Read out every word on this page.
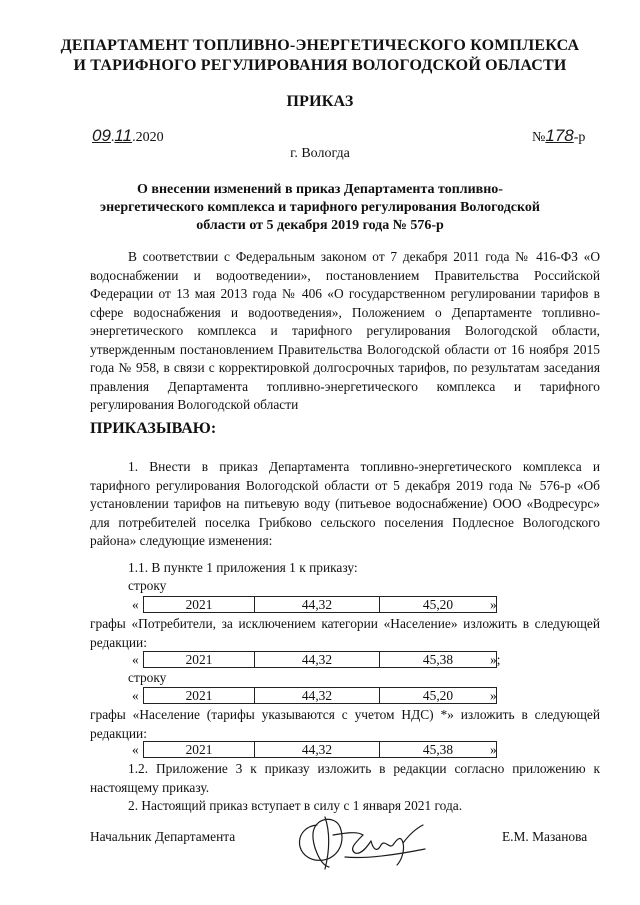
ДЕПАРТАМЕНТ ТОПЛИВНО-ЭНЕРГЕТИЧЕСКОГО КОМПЛЕКСА
И ТАРИФНОГО РЕГУЛИРОВАНИЯ ВОЛОГОДСКОЙ ОБЛАСТИ
ПРИКАЗ
09.11.2020	№178-р
г. Вологда
О внесении изменений в приказ Департамента топливно-
энергетического комплекса и тарифного регулирования Вологодской
области от 5 декабря 2019 года № 576-р
В соответствии с Федеральным законом от 7 декабря 2011 года № 416-ФЗ «О водоснабжении и водоотведении», постановлением Правительства Российской Федерации от 13 мая 2013 года № 406 «О государственном регулировании тарифов в сфере водоснабжения и водоотведения», Положением о Департаменте топливно-энергетического комплекса и тарифного регулирования Вологодской области, утвержденным постановлением Правительства Вологодской области от 16 ноября 2015 года № 958, в связи с корректировкой долгосрочных тарифов, по результатам заседания правления Департамента топливно-энергетического комплекса и тарифного регулирования Вологодской области
ПРИКАЗЫВАЮ:
1. Внести в приказ Департамента топливно-энергетического комплекса и тарифного регулирования Вологодской области от 5 декабря 2019 года № 576-р «Об установлении тарифов на питьевую воду (питьевое водоснабжение) ООО «Водресурс» для потребителей поселка Грибково сельского поселения Подлесное Вологодского района» следующие изменения:
1.1. В пункте 1 приложения 1 к приказу:
строку
«	2021	44,32	45,20	»
графы «Потребители, за исключением категории «Население» изложить в следующей редакции:
«	2021	44,32	45,38	»;
строку
«	2021	44,32	45,20	»
графы «Население (тарифы указываются с учетом НДС) *» изложить в следующей редакции:
«	2021	44,32	45,38	»
1.2. Приложение 3 к приказу изложить в редакции согласно приложению к настоящему приказу.
2. Настоящий приказ вступает в силу с 1 января 2021 года.
Начальник Департамента	Е.М. Мазанова
